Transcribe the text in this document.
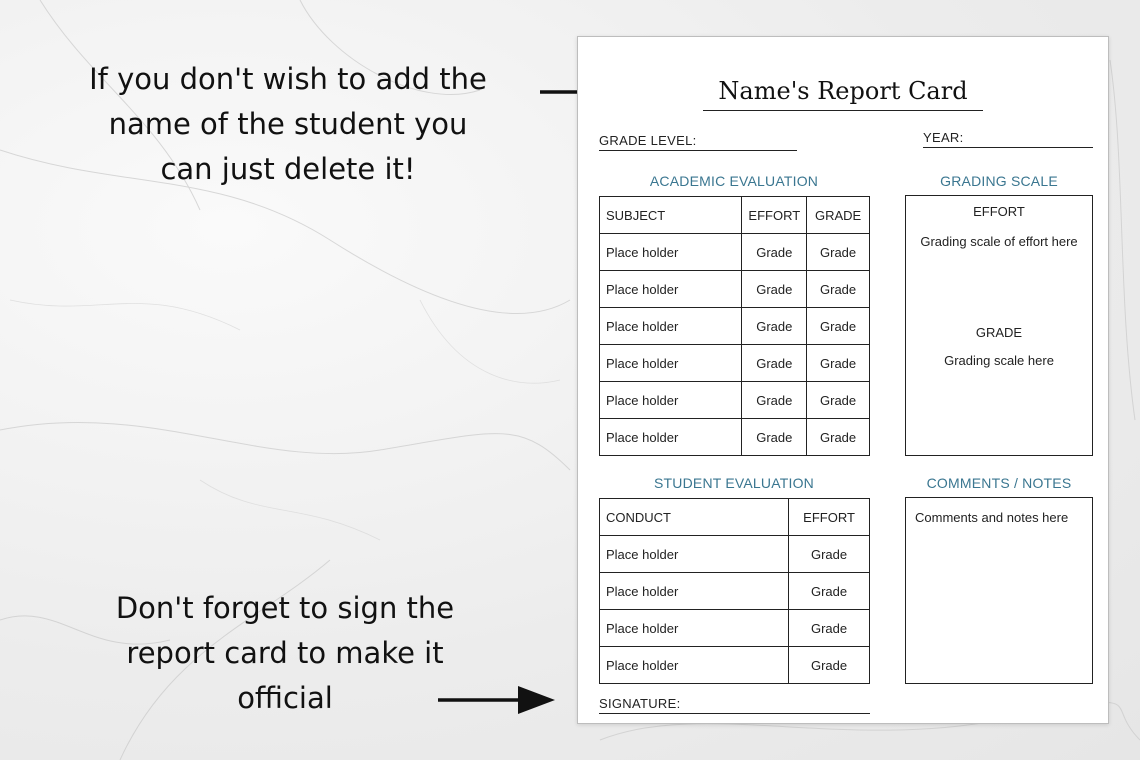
If you don't wish to add the
name of the student you
can just delete it!
Don't forget to sign the
report card to make it
official
Name's Report Card
GRADE LEVEL:	YEAR:
ACADEMIC EVALUATION	GRADING SCALE
SUBJECT	EFFORT	GRADE
Place holder	Grade	Grade
Place holder	Grade	Grade
Place holder	Grade	Grade
Place holder	Grade	Grade
Place holder	Grade	Grade
Place holder	Grade	Grade
EFFORT
Grading scale of effort here
GRADE
Grading scale here
STUDENT EVALUATION	COMMENTS / NOTES
CONDUCT	EFFORT
Place holder	Grade
Place holder	Grade
Place holder	Grade
Place holder	Grade
Comments and notes here
SIGNATURE:
